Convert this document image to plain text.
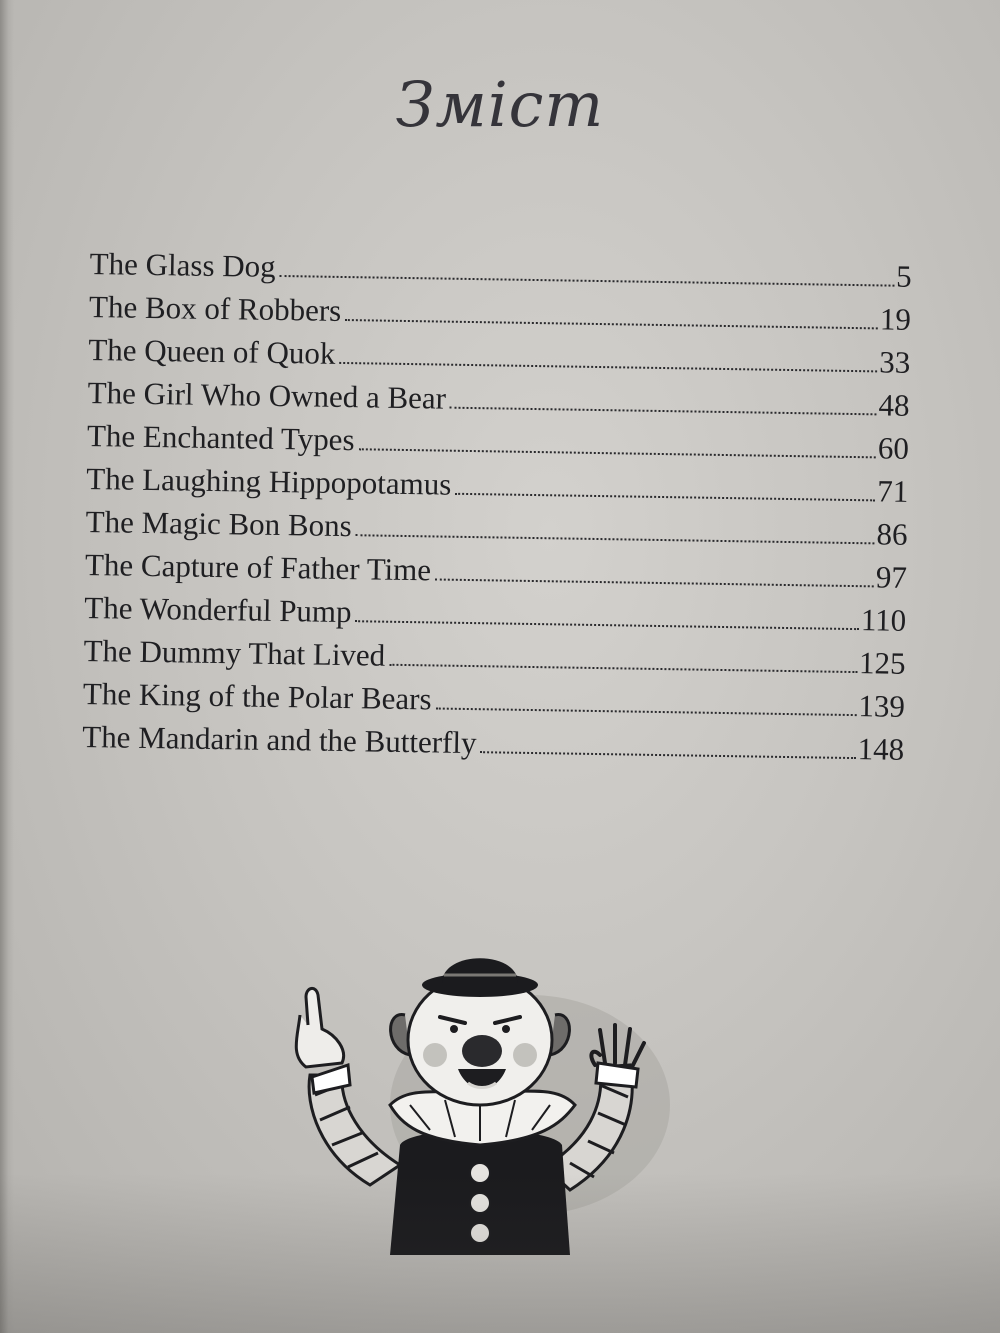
Зміст
The Glass Dog	5
The Box of Robbers	19
The Queen of Quok	33
The Girl Who Owned a Bear	48
The Enchanted Types	60
The Laughing Hippopotamus	71
The Magic Bon Bons	86
The Capture of Father Time	97
The Wonderful Pump	110
The Dummy That Lived	125
The King of the Polar Bears	139
The Mandarin and the Butterfly	148
